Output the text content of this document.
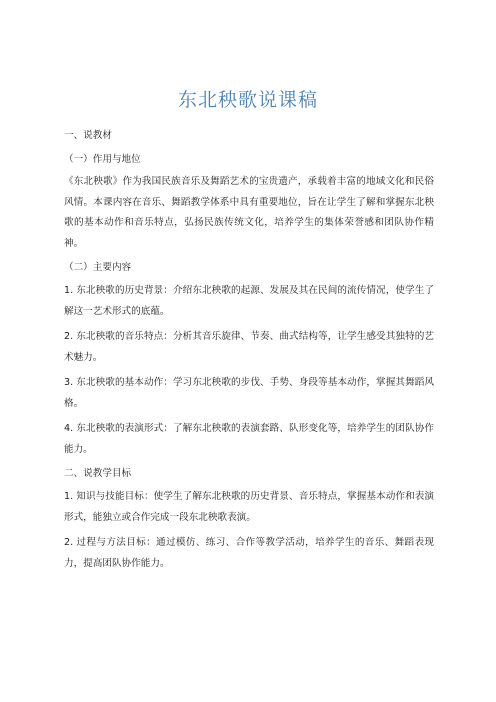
东北秧歌说课稿

一、说教材

（一）作用与地位

《东北秧歌》作为我国民族音乐及舞蹈艺术的宝贵遗产，承载着丰富的地域文化和民俗风情。本课内容在音乐、舞蹈教学体系中具有重要地位，旨在让学生了解和掌握东北秧歌的基本动作和音乐特点，弘扬民族传统文化，培养学生的集体荣誉感和团队协作精神。

（二）主要内容

1. 东北秧歌的历史背景：介绍东北秧歌的起源、发展及其在民间的流传情况，使学生了解这一艺术形式的底蕴。

2. 东北秧歌的音乐特点：分析其音乐旋律、节奏、曲式结构等，让学生感受其独特的艺术魅力。

3. 东北秧歌的基本动作：学习东北秧歌的步伐、手势、身段等基本动作，掌握其舞蹈风格。

4. 东北秧歌的表演形式：了解东北秧歌的表演套路、队形变化等，培养学生的团队协作能力。

二、说教学目标

1. 知识与技能目标：使学生了解东北秧歌的历史背景、音乐特点，掌握基本动作和表演形式，能独立或合作完成一段东北秧歌表演。

2. 过程与方法目标：通过模仿、练习、合作等教学活动，培养学生的音乐、舞蹈表现力，提高团队协作能力。
